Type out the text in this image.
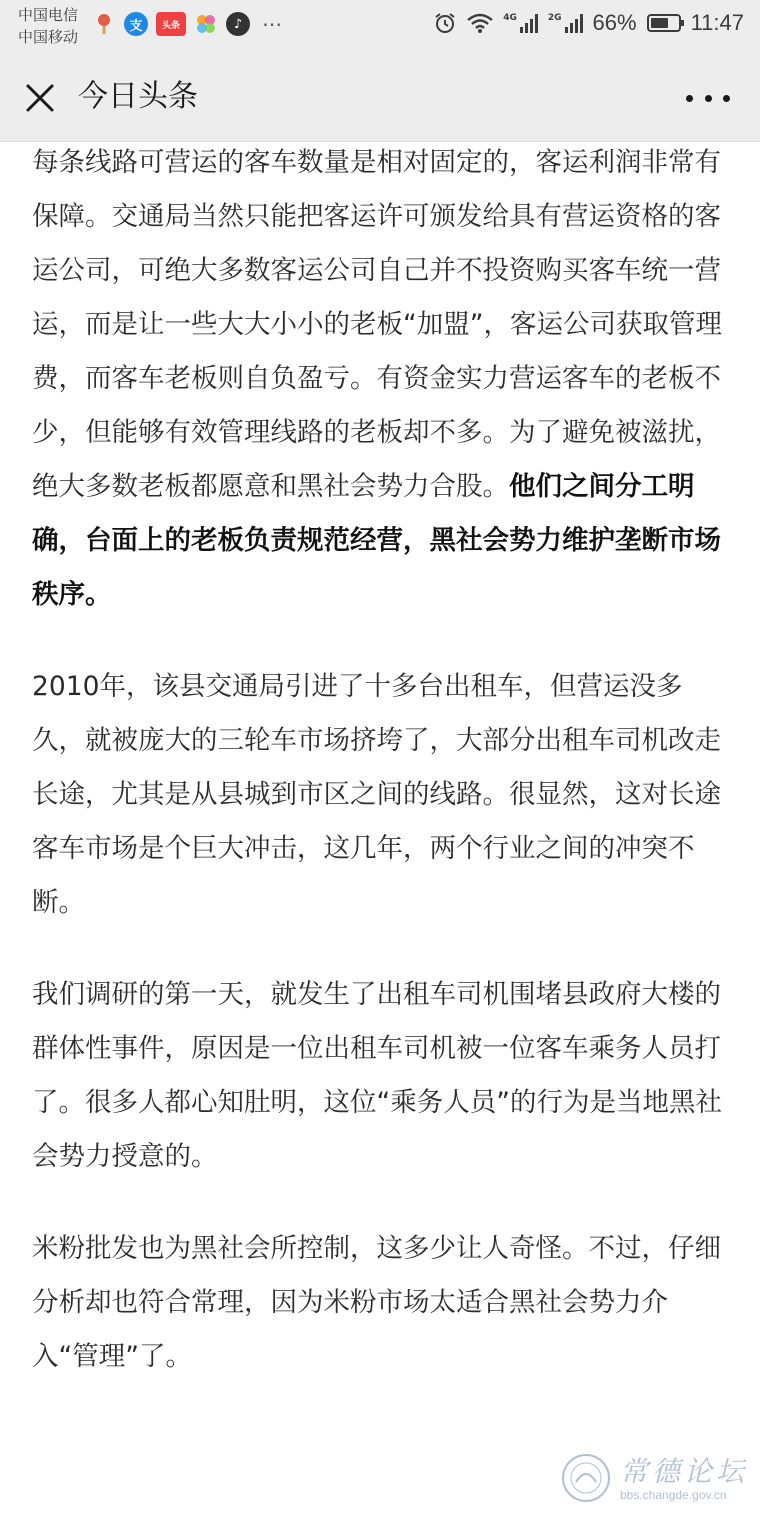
中国电信
中国移动
支	头条	♪ ⋯	4G	2G 66% 11:47
今日头条

每条线路可营运的客车数量是相对固定的，客运利润非常有保障。交通局当然只能把客运许可颁发给具有营运资格的客运公司，可绝大多数客运公司自己并不投资购买客车统一营运，而是让一些大大小小的老板“加盟”，客运公司获取管理费，而客车老板则自负盈亏。有资金实力营运客车的老板不少，但能够有效管理线路的老板却不多。为了避免被滋扰，绝大多数老板都愿意和黑社会势力合股。他们之间分工明确，台面上的老板负责规范经营，黑社会势力维护垄断市场秩序。

2010年，该县交通局引进了十多台出租车，但营运没多久，就被庞大的三轮车市场挤垮了，大部分出租车司机改走长途，尤其是从县城到市区之间的线路。很显然，这对长途客车市场是个巨大冲击，这几年，两个行业之间的冲突不断。

我们调研的第一天，就发生了出租车司机围堵县政府大楼的群体性事件，原因是一位出租车司机被一位客车乘务人员打了。很多人都心知肚明，这位“乘务人员”的行为是当地黑社会势力授意的。

米粉批发也为黑社会所控制，这多少让人奇怪。不过，仔细分析却也符合常理，因为米粉市场太适合黑社会势力介入“管理”了。

常德论坛
bbs.changde.gov.cn
